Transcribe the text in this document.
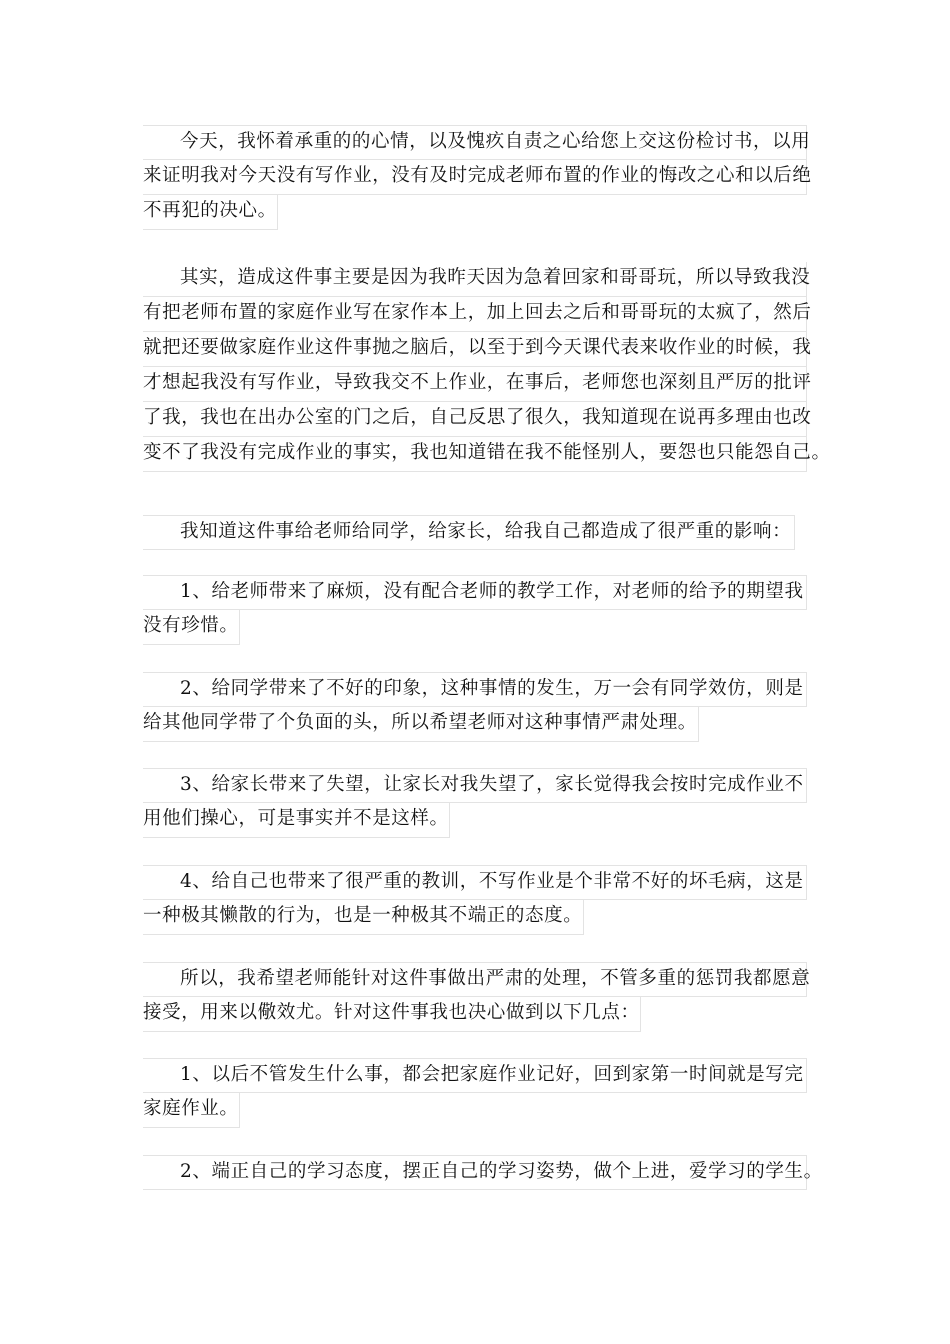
今天，我怀着承重的的心情，以及愧疚自责之心给您上交这份检讨书，以用
来证明我对今天没有写作业，没有及时完成老师布置的作业的悔改之心和以后绝
不再犯的决心。
其实，造成这件事主要是因为我昨天因为急着回家和哥哥玩，所以导致我没
有把老师布置的家庭作业写在家作本上，加上回去之后和哥哥玩的太疯了，然后
就把还要做家庭作业这件事抛之脑后，以至于到今天课代表来收作业的时候，我
才想起我没有写作业，导致我交不上作业，在事后，老师您也深刻且严厉的批评
了我，我也在出办公室的门之后，自己反思了很久，我知道现在说再多理由也改
变不了我没有完成作业的事实，我也知道错在我不能怪别人，要怨也只能怨自己。
我知道这件事给老师给同学，给家长，给我自己都造成了很严重的影响：
1、给老师带来了麻烦，没有配合老师的教学工作，对老师的给予的期望我
没有珍惜。
2、给同学带来了不好的印象，这种事情的发生，万一会有同学效仿，则是
给其他同学带了个负面的头，所以希望老师对这种事情严肃处理。
3、给家长带来了失望，让家长对我失望了，家长觉得我会按时完成作业不
用他们操心，可是事实并不是这样。
4、给自己也带来了很严重的教训，不写作业是个非常不好的坏毛病，这是
一种极其懒散的行为，也是一种极其不端正的态度。
所以，我希望老师能针对这件事做出严肃的处理，不管多重的惩罚我都愿意
接受，用来以儆效尤。针对这件事我也决心做到以下几点：
1、以后不管发生什么事，都会把家庭作业记好，回到家第一时间就是写完
家庭作业。
2、端正自己的学习态度，摆正自己的学习姿势，做个上进，爱学习的学生。
